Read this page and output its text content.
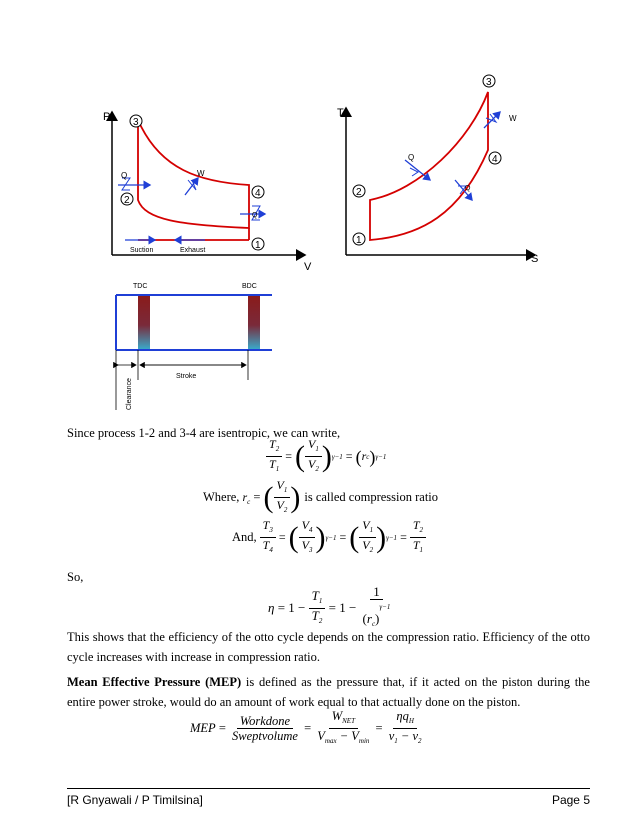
P
V
3
2
4
1
Q	W
Q
Suction	Exhaust
T
S
1
2
3
4
Q
W
Q
TDC	BDC
Stroke
Clearance
Since process 1-2 and 3-4 are isentropic, we can write,
$\frac{T_2}{T_1}$ = ( $\frac{V_1}{V_2}$ ) γ−1 = ( r c ) γ−1
Where, $r_c$ = ( $\frac{V_1}{V_2}$ ) is called compression ratio
And,
$\frac{T_3}{T_4}$ = ( $\frac{V_4}{V_3}$ ) γ−1 = ( $\frac{V_1}{V_2}$ ) $\gamma-1 = \frac{T_2}{T_1}$
So,
$\eta = 1 - \frac{T_1}{T_2} = 1 - \frac{1}{(r_c)^{\gamma-1}}$
This shows that the efficiency of the otto cycle depends on the compression ratio. Efficiency of the otto cycle increases with increase in compression ratio.
Mean Effective Pressure (MEP) is defined as the pressure that, if it acted on the piston during the entire power stroke, would do an amount of work equal to that actually done on the piston.
MEP = $\frac{\text{Workdone}}{\text{Sweptvolume}} = \frac{W_{NET}}{V_{max} - V_{min}} = \frac{\eta q_H}{v_1 - v_2}$
[R Gnyawali / P Timilsina]	Page 5
